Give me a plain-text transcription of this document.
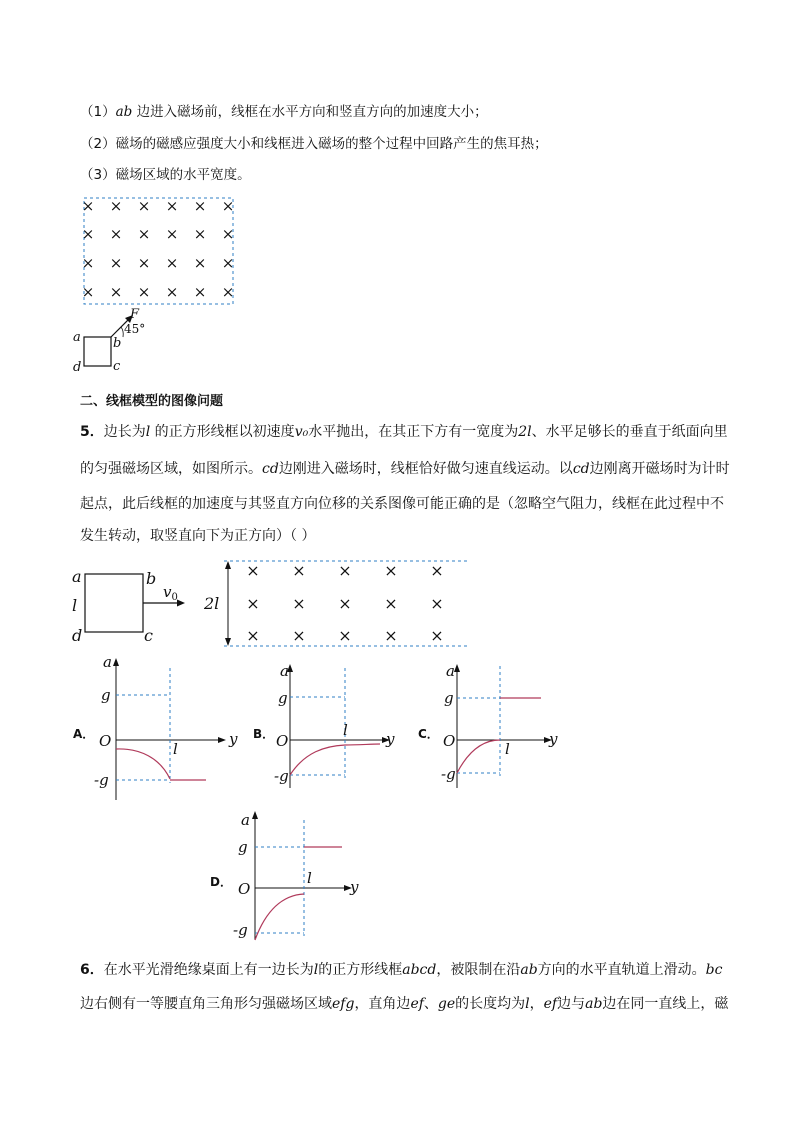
（1）ab 边进入磁场前，线框在水平方向和竖直方向的加速度大小；
（2）磁场的磁感应强度大小和线框进入磁场的整个过程中回路产生的焦耳热；
（3）磁场区域的水平宽度。
× × × × × ×
× × × × × ×
× × × × × ×
× × × × × ×
F
45°
a b
c
d
二、线框模型的图像问题
5．边长为l 的正方形线框以初速度v₀水平抛出，在其正下方有一宽度为2l、水平足够长的垂直于纸面向里
的匀强磁场区域，如图所示。cd边刚进入磁场时，线框恰好做匀速直线运动。以cd边刚离开磁场时为计时
起点，此后线框的加速度与其竖直方向位移的关系图像可能正确的是（忽略空气阻力，线框在此过程中不
发生转动，取竖直向下为正方向）（ ）
a	b
l
d	c
$v_0$ 2l
× × × × ×
× × × × ×
× × × × ×
A．	B．	C．
D．
a
y
g
-g
O	l
a
y
g
-g
O
l
a
y
g
-g
O	l
a
y
g
-g
O
l
6．在水平光滑绝缘桌面上有一边长为l的正方形线框abcd，被限制在沿ab方向的水平直轨道上滑动。bc
边右侧有一等腰直角三角形匀强磁场区域efg，直角边ef、ge的长度均为l，ef边与ab边在同一直线上，磁
